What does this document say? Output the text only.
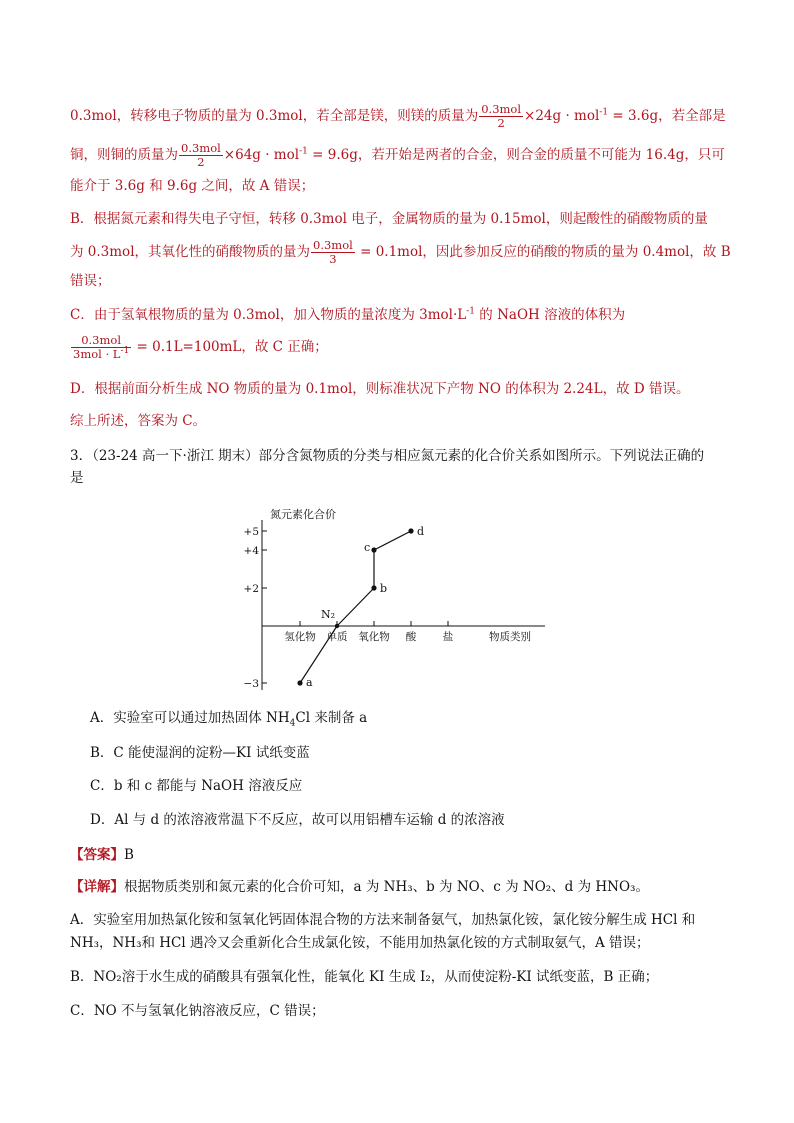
0.3mol，转移电子物质的量为 0.3mol，若全部是镁，则镁的质量为 $\frac{\text{0.3mol}}{2} \times 24g \cdot mol^{-1} = 3.6g$，若全部是
铜，则铜的质量为 $\frac{\text{0.3mol}}{2} \times 64g \cdot mol^{-1} = 9.6g$，若开始是两者的合金，则合金的质量不可能为 16.4g，只可
能介于 3.6g 和 9.6g 之间，故 A 错误；
B．根据氮元素和得失电子守恒，转移 0.3mol 电子，金属物质的量为 0.15mol，则起酸性的硝酸物质的量
为 0.3mol，其氧化性的硝酸物质的量为 $\frac{\text{0.3mol}}{3} = 0.1mol$，因此参加反应的硝酸的物质的量为 0.4mol，故 B
错误；
C．由于氢氧根物质的量为 0.3mol，加入物质的量浓度为 $3mol\cdot L^{-1}$ 的 NaOH 溶液的体积为
$\frac{\text{0.3mol}}{3mol \cdot L^{-1}} = 0.1L=100mL$，故 C 正确；
D．根据前面分析生成 NO 物质的量为 0.1mol，则标准状况下产物 NO 的体积为 2.24L，故 D 错误。
综上所述，答案为 C。
3．（23-24 高一下·浙江 期末）部分含氮物质的分类与相应氮元素的化合价关系如图所示。下列说法正确的
是
+5
+4
+2
−3
氢化物 单质 氧化物 酸	盐
氮元素化合价
物质类别
a
N₂
b
c
d
A．实验室可以通过加热固体 $NH_4Cl$ 来制备 a
B．C 能使湿润的淀粉—KI 试纸变蓝
C．b 和 c 都能与 NaOH 溶液反应
D．Al 与 d 的浓溶液常温下不反应，故可以用铝槽车运输 d 的浓溶液
【答案】B
【详解】根据物质类别和氮元素的化合价可知，a 为 NH₃、b 为 NO、c 为 NO₂、d 为 HNO₃。
A．实验室用加热氯化铵和氢氧化钙固体混合物的方法来制备氨气，加热氯化铵，氯化铵分解生成 HCl 和
NH₃，NH₃和 HCl 遇冷又会重新化合生成氯化铵，不能用加热氯化铵的方式制取氨气，A 错误；
B．NO₂溶于水生成的硝酸具有强氧化性，能氧化 KI 生成 I₂，从而使淀粉-KI 试纸变蓝，B 正确；
C．NO 不与氢氧化钠溶液反应，C 错误；
